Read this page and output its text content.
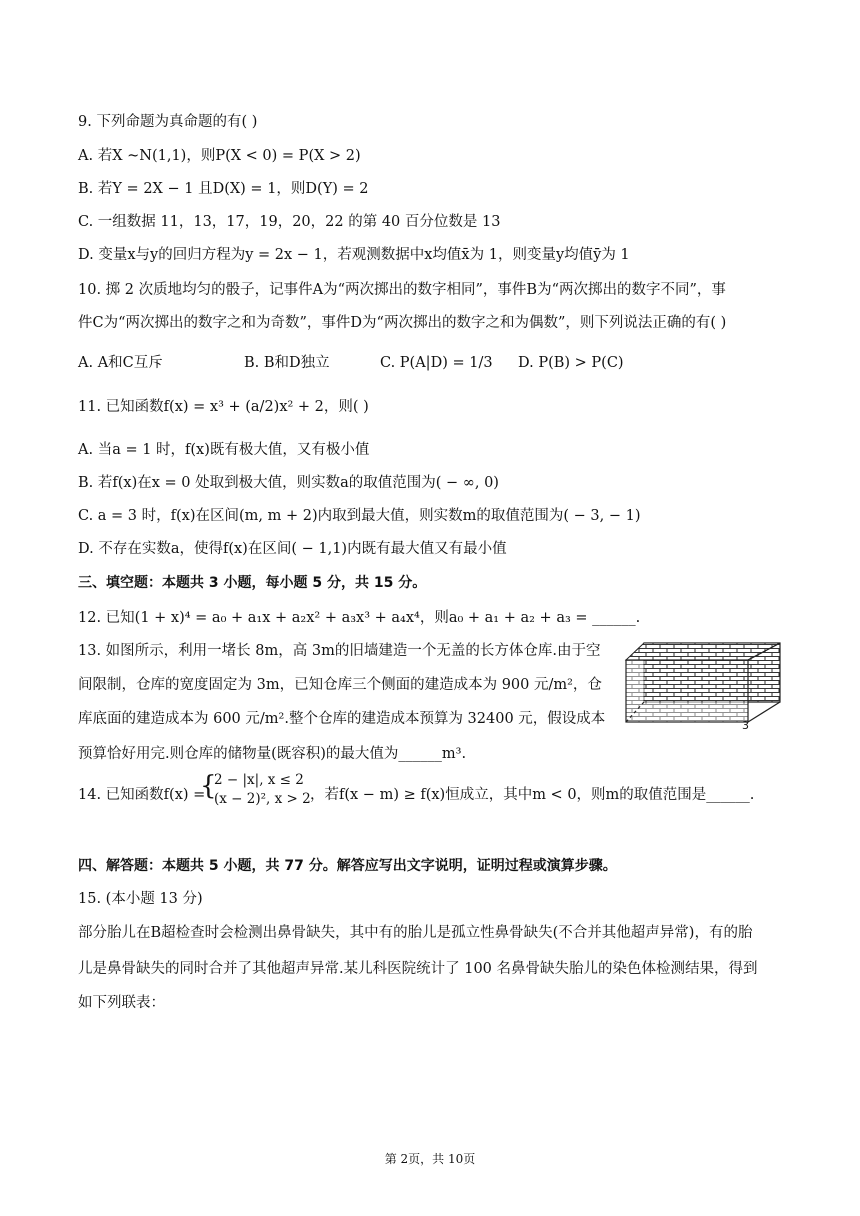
9. 下列命题为真命题的有( )
A. 若X ~N(1,1)，则P(X < 0) = P(X > 2)
B. 若Y = 2X − 1 且D(X) = 1，则D(Y) = 2
C. 一组数据 11，13，17，19，20，22 的第 40 百分位数是 13
D. 变量x与y的回归方程为y = 2x − 1，若观测数据中x均值x̄为 1，则变量y均值ȳ为 1
10. 掷 2 次质地均匀的骰子，记事件A为“两次掷出的数字相同”，事件B为“两次掷出的数字不同”，事
件C为“两次掷出的数字之和为奇数”，事件D为“两次掷出的数字之和为偶数”，则下列说法正确的有( )
A. A和C互斥	B. B和D独立	C. P(A|D) = 1/3 D. P(B) > P(C)
11. 已知函数f(x) = x³ + (a/2)x² + 2，则( )
A. 当a = 1 时，f(x)既有极大值，又有极小值
B. 若f(x)在x = 0 处取到极大值，则实数a的取值范围为( − ∞, 0)
C. a = 3 时，f(x)在区间(m, m + 2)内取到最大值，则实数m的取值范围为( − 3, − 1)
D. 不存在实数a，使得f(x)在区间( − 1,1)内既有最大值又有最小值
三、填空题：本题共 3 小题，每小题 5 分，共 15 分。
12. 已知(1 + x)⁴ = a₀ + a₁x + a₂x² + a₃x³ + a₄x⁴，则a₀ + a₁ + a₂ + a₃ = ______.
13. 如图所示，利用一堵长 8m，高 3m的旧墙建造一个无盖的长方体仓库.由于空
间限制，仓库的宽度固定为 3m，已知仓库三个侧面的建造成本为 900 元/m²，仓
库底面的建造成本为 600 元/m².整个仓库的建造成本预算为 32400 元，假设成本
预算恰好用完.则仓库的储物量(既容积)的最大值为______m³.
3
14. 已知函数f(x) =
{
2 − |x|, x ≤ 2
(x − 2)², x > 2 ，若f(x − m) ≥ f(x)恒成立，其中m < 0，则m的取值范围是______.
四、解答题：本题共 5 小题，共 77 分。解答应写出文字说明，证明过程或演算步骤。
15. (本小题 13 分)
部分胎儿在B超检查时会检测出鼻骨缺失，其中有的胎儿是孤立性鼻骨缺失(不合并其他超声异常)，有的胎
儿是鼻骨缺失的同时合并了其他超声异常.某儿科医院统计了 100 名鼻骨缺失胎儿的染色体检测结果，得到
如下列联表：
第 2页，共 10页
